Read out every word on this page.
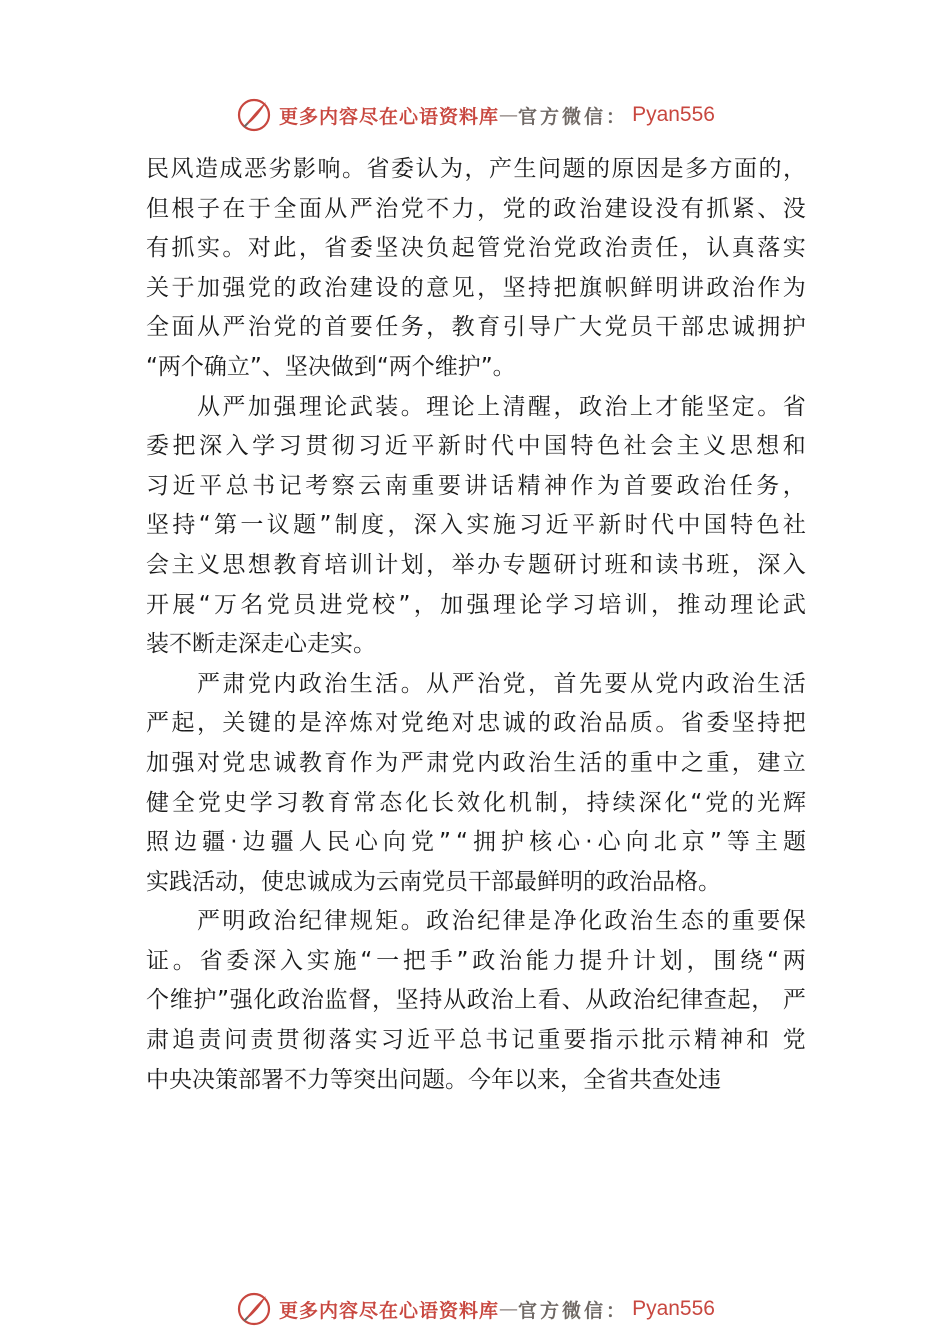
更多内容尽在心语资料库 — 官方微信： Pyan556
民 风 造 成 恶 劣 影 响 。 省 委 认 为 ， 产 生 问 题 的 原 因 是 多 方 面 的 ，
但 根 子 在 于 全 面 从 严 治 党 不 力 ， 党 的 政 治 建 设 没 有 抓 紧 、 没
有 抓 实 。 对 此 ， 省 委 坚 决 负 起 管 党 治 党 政 治 责 任 ， 认 真 落 实
关 于 加 强 党 的 政 治 建 设 的 意 见 ， 坚 持 把 旗 帜 鲜 明 讲 政 治 作 为
全 面 从 严 治 党 的 首 要 任 务 ， 教 育 引 导 广 大 党 员 干 部 忠 诚 拥 护
“两个确立”、坚决做到“两个维护”。

从 严 加 强 理 论 武 装 。 理 论 上 清 醒 ， 政 治 上 才 能 坚 定 。 省
委 把 深 入 学 习 贯 彻 习 近 平 新 时 代 中 国 特 色 社 会 主 义 思 想 和
习 近 平 总 书 记 考 察 云 南 重 要 讲 话 精 神 作 为 首 要 政 治 任 务 ，
坚 持 “ 第 一 议 题 ” 制 度 ， 深 入 实 施 习 近 平 新 时 代 中 国 特 色 社
会 主 义 思 想 教 育 培 训 计 划 ， 举 办 专 题 研 讨 班 和 读 书 班 ， 深 入
开 展 “ 万 名 党 员 进 党 校 ” ， 加 强 理 论 学 习 培 训 ， 推 动 理 论 武
装不断走深走心走实。

严 肃 党 内 政 治 生 活 。 从 严 治 党 ， 首 先 要 从 党 内 政 治 生 活
严 起 ， 关 键 的 是 淬 炼 对 党 绝 对 忠 诚 的 政 治 品 质 。 省 委 坚 持 把
加 强 对 党 忠 诚 教 育 作 为 严 肃 党 内 政 治 生 活 的 重 中 之 重 ， 建 立
健 全 党 史 学 习 教 育 常 态 化 长 效 化 机 制 ， 持 续 深 化 “ 党 的 光 辉
照 边 疆 · 边 疆 人 民 心 向 党 ” “ 拥 护 核 心 · 心 向 北 京 ” 等 主 题
实践活动，使忠诚成为云南党员干部最鲜明的政治品格。

严 明 政 治 纪 律 规 矩 。 政 治 纪 律 是 净 化 政 治 生 态 的 重 要 保
证 。 省 委 深 入 实 施 “ 一 把 手 ” 政 治 能 力 提 升 计 划 ， 围 绕 “ 两
个 维 护 ” 强 化 政 治 监 督 ， 坚 持 从 政 治 上 看 、 从 政 治 纪 律 查 起 ，
严
肃 追 责 问 责 贯 彻 落 实 习 近 平 总 书 记 重 要 指 示 批 示 精 神 和
党
中央决策部署不力等突出问题。今年以来，全省共查处违
更多内容尽在心语资料库 — 官方微信： Pyan556
